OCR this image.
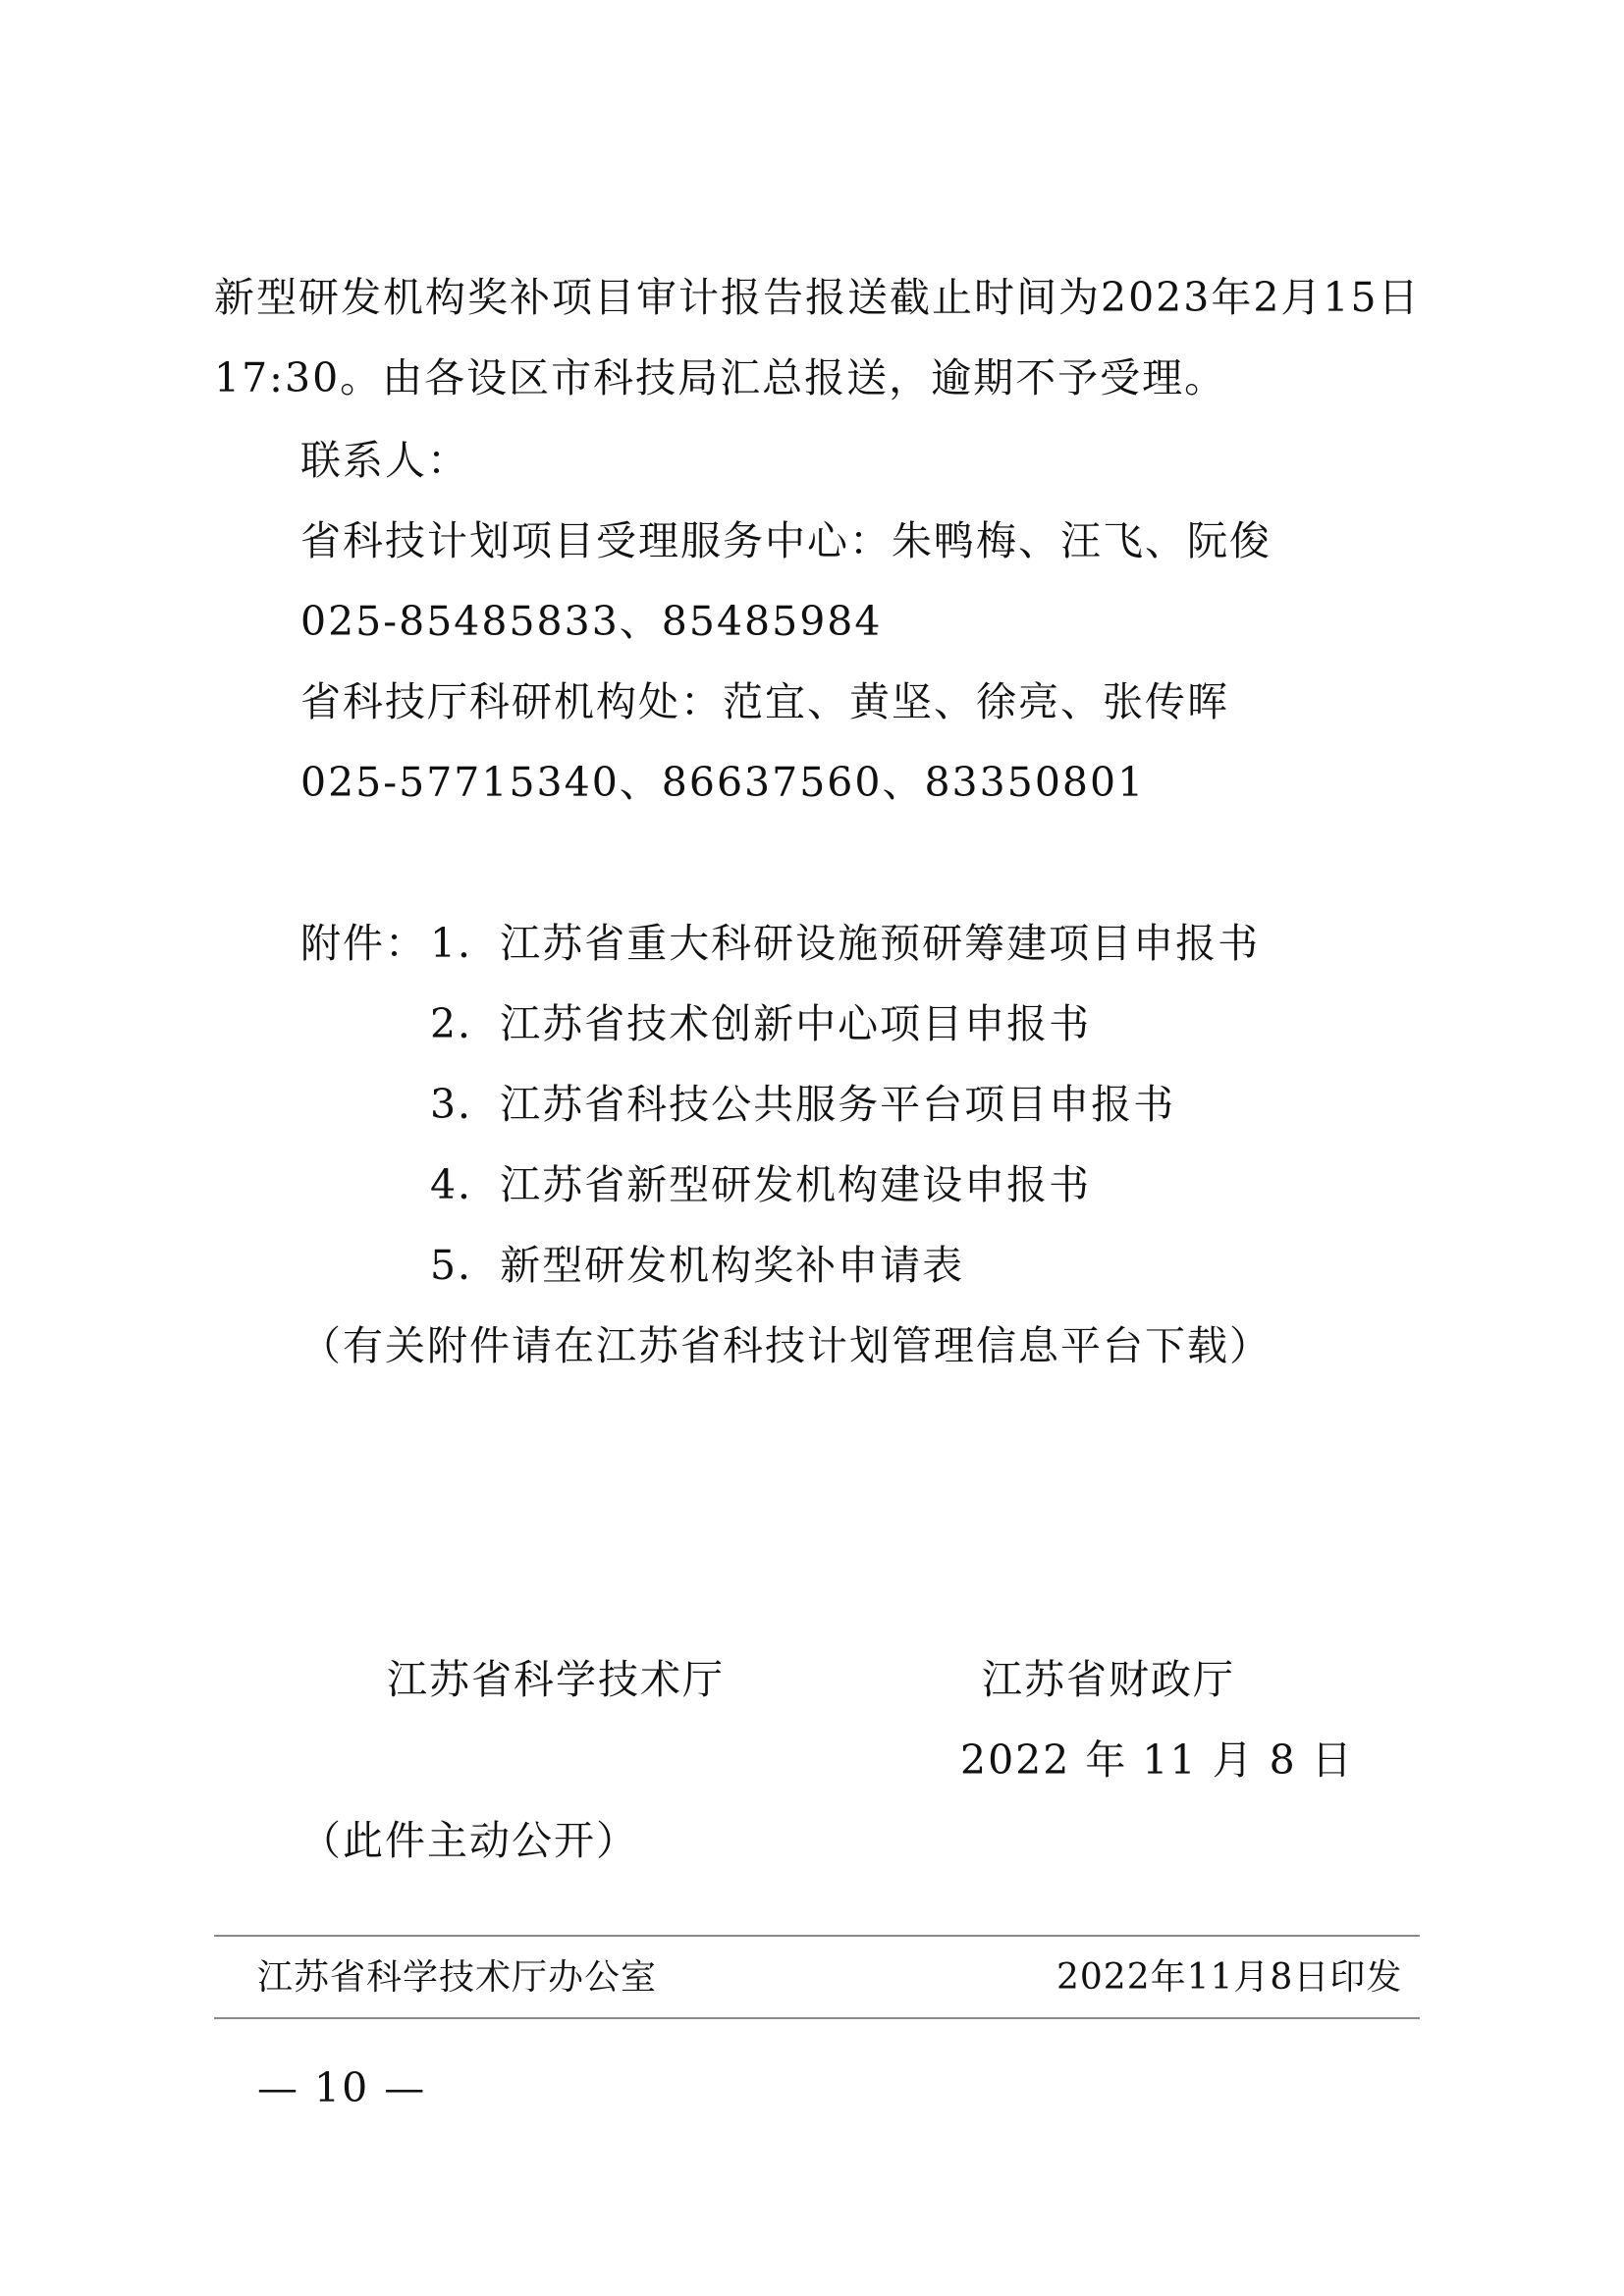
新型研发机构奖补项目审计报告报送截止时间为2023年2月15日
17:30。由各设区市科技局汇总报送，逾期不予受理。
联系人：
省科技计划项目受理服务中心：朱鸭梅、汪飞、阮俊
025-85485833、85485984
省科技厅科研机构处：范宜、黄坚、徐亮、张传晖
025-57715340、86637560、83350801
附件： 1．江苏省重大科研设施预研筹建项目申报书
2．江苏省技术创新中心项目申报书
3．江苏省科技公共服务平台项目申报书
4．江苏省新型研发机构建设申报书
5．新型研发机构奖补申请表
（有关附件请在江苏省科技计划管理信息平台下载）
江苏省科学技术厅	江苏省财政厅
2022 年 11 月 8 日
（此件主动公开）
江苏省科学技术厅办公室	2022年11月8日印发
— 10 —
